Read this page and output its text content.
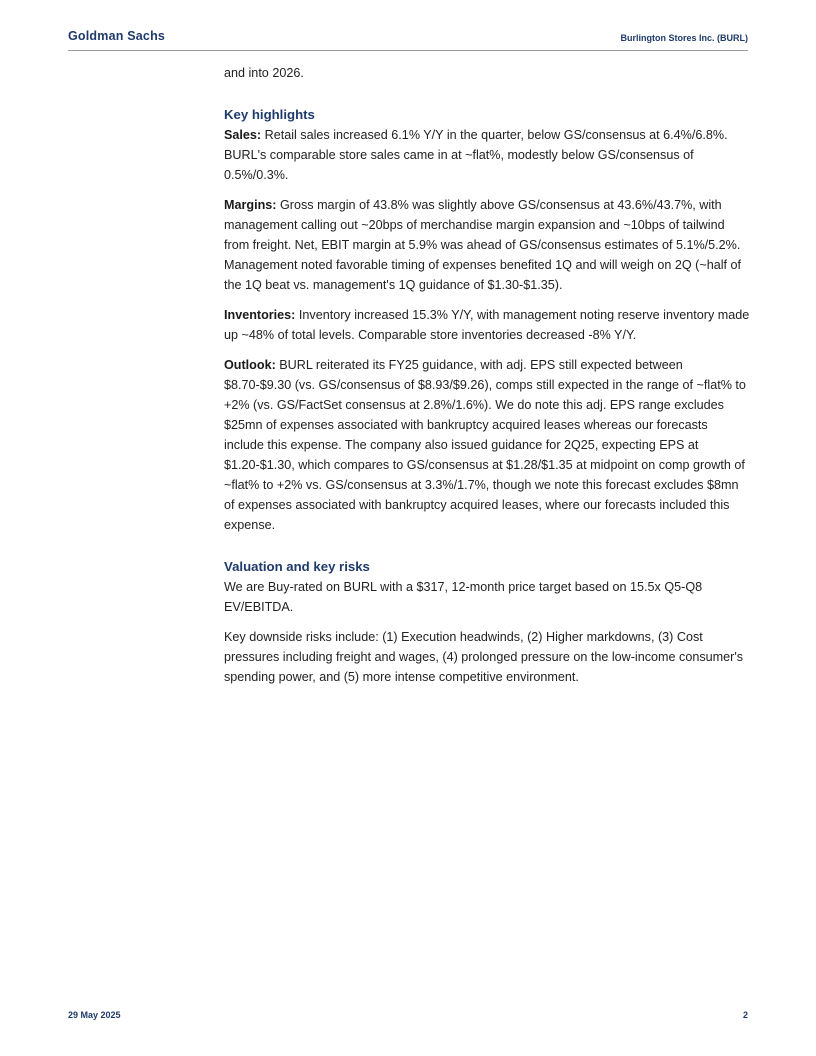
Goldman Sachs	Burlington Stores Inc. (BURL)

and into 2026.

Key highlights

Sales: Retail sales increased 6.1% Y/Y in the quarter, below GS/consensus at 6.4%/6.8%. BURL's comparable store sales came in at ~flat%, modestly below GS/consensus of 0.5%/0.3%.

Margins: Gross margin of 43.8% was slightly above GS/consensus at 43.6%/43.7%, with management calling out ~20bps of merchandise margin expansion and ~10bps of tailwind from freight. Net, EBIT margin at 5.9% was ahead of GS/consensus estimates of 5.1%/5.2%. Management noted favorable timing of expenses benefited 1Q and will weigh on 2Q (~half of the 1Q beat vs. management's 1Q guidance of $1.30-$1.35).

Inventories: Inventory increased 15.3% Y/Y, with management noting reserve inventory made up ~48% of total levels. Comparable store inventories decreased -8% Y/Y.

Outlook: BURL reiterated its FY25 guidance, with adj. EPS still expected between $8.70-$9.30 (vs. GS/consensus of $8.93/$9.26), comps still expected in the range of ~flat% to +2% (vs. GS/FactSet consensus at 2.8%/1.6%). We do note this adj. EPS range excludes $25mn of expenses associated with bankruptcy acquired leases whereas our forecasts include this expense. The company also issued guidance for 2Q25, expecting EPS at $1.20-$1.30, which compares to GS/consensus at $1.28/$1.35 at midpoint on comp growth of ~flat% to +2% vs. GS/consensus at 3.3%/1.7%, though we note this forecast excludes $8mn of expenses associated with bankruptcy acquired leases, where our forecasts included this expense.

Valuation and key risks

We are Buy-rated on BURL with a $317, 12-month price target based on 15.5x Q5-Q8 EV/EBITDA.

Key downside risks include: (1) Execution headwinds, (2) Higher markdowns, (3) Cost pressures including freight and wages, (4) prolonged pressure on the low-income consumer's spending power, and (5) more intense competitive environment.

29 May 2025	2
